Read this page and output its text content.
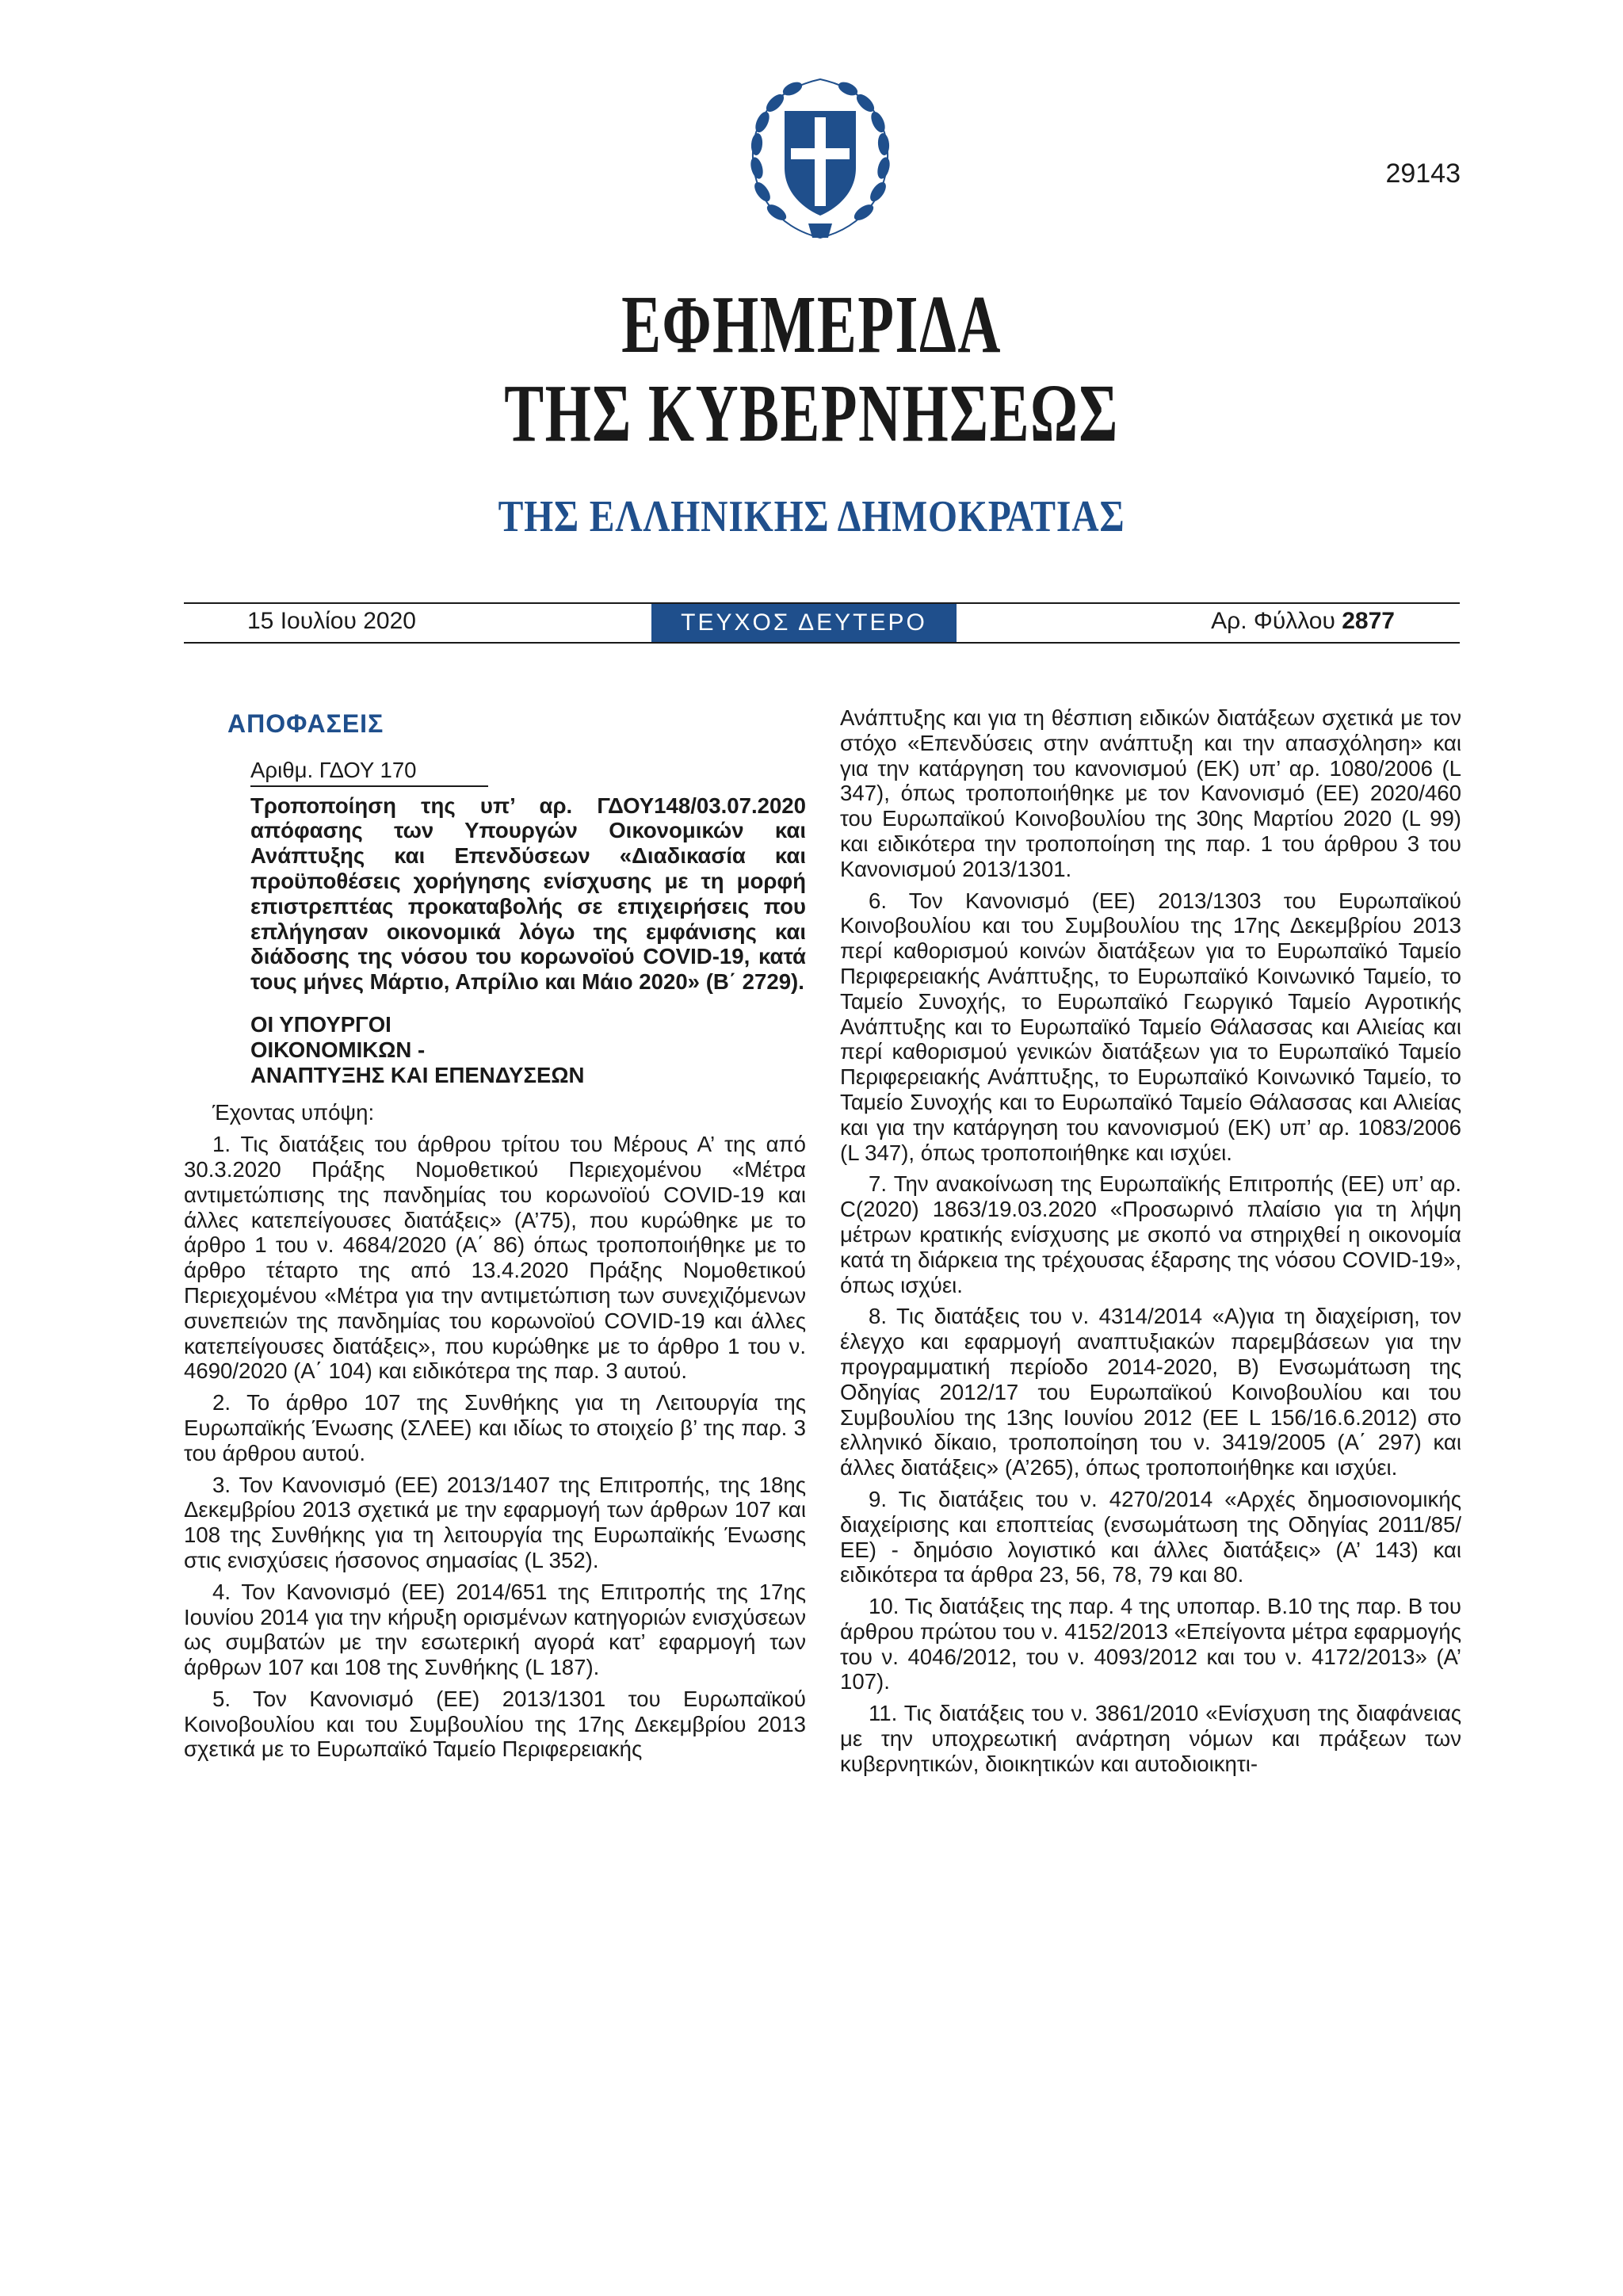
29143
ΕΦΗΜΕΡΙΔΑ
ΤΗΣ ΚΥΒΕΡΝΗΣΕΩΣ
ΤΗΣ ΕΛΛΗΝΙΚΗΣ ΔΗΜΟΚΡΑΤΙΑΣ
15 Ιουλίου 2020	ΤΕΥΧΟΣ ΔΕΥΤΕΡΟ	Αρ. Φύλλου 2877
ΑΠΟΦΑΣΕΙΣ
Αριθμ. ΓΔΟΥ 170
Τροποποίηση της υπ’ αρ. ΓΔΟΥ148/03.07.2020 απόφασης των Υπουργών Οικονομικών και Ανάπτυξης και Επενδύσεων «Διαδικασία και προϋποθέσεις χορήγησης ενίσχυσης με τη μορφή επιστρεπτέας προκαταβολής σε επιχειρήσεις που επλήγησαν οικονομικά λόγω της εμφάνισης και διάδοσης της νόσου του κορωνοϊού COVID-19, κατά τους μήνες Μάρτιο, Απρίλιο και Μάιο 2020» (Β΄ 2729).
ΟΙ ΥΠΟΥΡΓΟΙ
ΟΙΚΟΝΟΜΙΚΩΝ -
ΑΝΑΠΤΥΞΗΣ ΚΑΙ ΕΠΕΝΔΥΣΕΩΝ

Έχοντας υπόψη:

1. Τις διατάξεις του άρθρου τρίτου του Μέρους Α’ της από 30.3.2020 Πράξης Νομοθετικού Περιεχομένου «Μέτρα αντιμετώπισης της πανδημίας του κορωνοϊού COVID-19 και άλλες κατεπείγουσες διατάξεις» (Α’75), που κυρώθηκε με το άρθρο 1 του ν. 4684/2020 (Α΄ 86) όπως τροποποιήθηκε με το άρθρο τέταρτο της από 13.4.2020 Πράξης Νομοθετικού Περιεχομένου «Μέτρα για την αντιμετώπιση των συνεχιζόμενων συνεπειών της πανδημίας του κορωνοϊού COVID-19 και άλλες κατεπείγουσες διατάξεις», που κυρώθηκε με το άρθρο 1 του ν. 4690/2020 (Α΄ 104) και ειδικότερα της παρ. 3 αυτού.

2. Το άρθρο 107 της Συνθήκης για τη Λειτουργία της Ευρωπαϊκής Ένωσης (ΣΛΕΕ) και ιδίως το στοιχείο β’ της παρ. 3 του άρθρου αυτού.

3. Τον Κανονισμό (ΕΕ) 2013/1407 της Επιτροπής, της 18ης Δεκεμβρίου 2013 σχετικά με την εφαρμογή των άρθρων 107 και 108 της Συνθήκης για τη λειτουργία της Ευρωπαϊκής Ένωσης στις ενισχύσεις ήσσονος σημασίας (L 352).

4. Τον Κανονισμό (ΕΕ) 2014/651 της Επιτροπής της 17ης Ιουνίου 2014 για την κήρυξη ορισμένων κατηγοριών ενισχύσεων ως συμβατών με την εσωτερική αγορά κατ’ εφαρμογή των άρθρων 107 και 108 της Συνθήκης (L 187).

5. Τον Κανονισμό (ΕΕ) 2013/1301 του Ευρωπαϊκού Κοινοβουλίου και του Συμβουλίου της 17ης Δεκεμβρίου 2013 σχετικά με το Ευρωπαϊκό Ταμείο Περιφερειακής

Ανάπτυξης και για τη θέσπιση ειδικών διατάξεων σχετικά με τον στόχο «Επενδύσεις στην ανάπτυξη και την απασχόληση» και για την κατάργηση του κανονισμού (ΕΚ) υπ’ αρ. 1080/2006 (L 347), όπως τροποποιήθηκε με τον Κανονισμό (ΕΕ) 2020/460 του Ευρωπαϊκού Κοινοβουλίου της 30ης Μαρτίου 2020 (L 99) και ειδικότερα την τροποποίηση της παρ. 1 του άρθρου 3 του Κανονισμού 2013/1301.

6. Τον Κανονισμό (ΕΕ) 2013/1303 του Ευρωπαϊκού Κοινοβουλίου και του Συμβουλίου της 17ης Δεκεμβρίου 2013 περί καθορισμού κοινών διατάξεων για το Ευρωπαϊκό Ταμείο Περιφερειακής Ανάπτυξης, το Ευρωπαϊκό Κοινωνικό Ταμείο, το Ταμείο Συνοχής, το Ευρωπαϊκό Γεωργικό Ταμείο Αγροτικής Ανάπτυξης και το Ευρωπαϊκό Ταμείο Θάλασσας και Αλιείας και περί καθορισμού γενικών διατάξεων για το Ευρωπαϊκό Ταμείο Περιφερειακής Ανάπτυξης, το Ευρωπαϊκό Κοινωνικό Ταμείο, το Ταμείο Συνοχής και το Ευρωπαϊκό Ταμείο Θάλασσας και Αλιείας και για την κατάργηση του κανονισμού (ΕΚ) υπ’ αρ. 1083/2006 (L 347), όπως τροποποιήθηκε και ισχύει.

7. Την ανακοίνωση της Ευρωπαϊκής Επιτροπής (ΕΕ) υπ’ αρ. C(2020) 1863/19.03.2020 «Προσωρινό πλαίσιο για τη λήψη μέτρων κρατικής ενίσχυσης με σκοπό να στηριχθεί η οικονομία κατά τη διάρκεια της τρέχουσας έξαρσης της νόσου COVID-19», όπως ισχύει.

8. Τις διατάξεις του ν. 4314/2014 «Α)για τη διαχείριση, τον έλεγχο και εφαρμογή αναπτυξιακών παρεμβάσεων για την προγραμματική περίοδο 2014-2020, Β) Ενσωμάτωση της Οδηγίας 2012/17 του Ευρωπαϊκού Κοινοβουλίου και του Συμβουλίου της 13ης Ιουνίου 2012 (ΕΕ L 156/16.6.2012) στο ελληνικό δίκαιο, τροποποίηση του ν. 3419/2005 (Α΄ 297) και άλλες διατάξεις» (Α’265), όπως τροποποιήθηκε και ισχύει.

9. Τις διατάξεις του ν. 4270/2014 «Αρχές δημοσιονομικής διαχείρισης και εποπτείας (ενσωμάτωση της Οδηγίας 2011/85/ΕΕ) - δημόσιο λογιστικό και άλλες διατάξεις» (Α’ 143) και ειδικότερα τα άρθρα 23, 56, 78, 79 και 80.

10. Τις διατάξεις της παρ. 4 της υποπαρ. Β.10 της παρ. Β του άρθρου πρώτου του ν. 4152/2013 «Επείγοντα μέτρα εφαρμογής του ν. 4046/2012, του ν. 4093/2012 και του ν. 4172/2013» (Α’ 107).

11. Τις διατάξεις του ν. 3861/2010 «Ενίσχυση της διαφάνειας με την υποχρεωτική ανάρτηση νόμων και πράξεων των κυβερνητικών, διοικητικών και αυτοδιοικητι-
